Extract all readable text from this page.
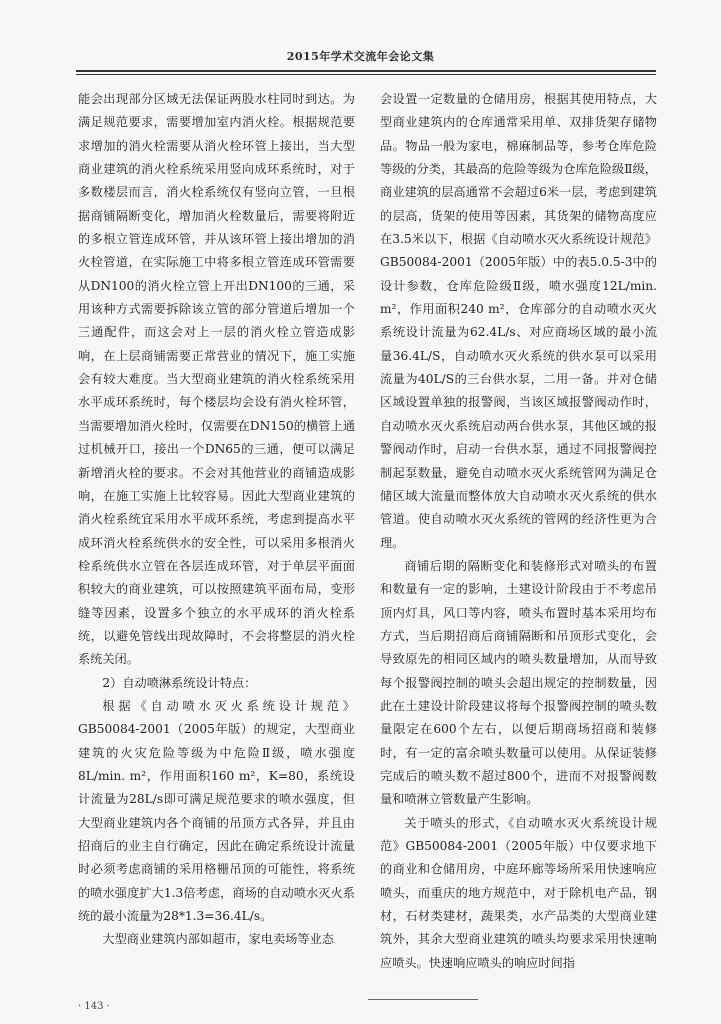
2015年学术交流年会论文集

能会出现部分区域无法保证两股水柱同时到达。为满足规范要求，需要增加室内消火栓。根据规范要求增加的消火栓需要从消火栓环管上接出，当大型商业建筑的消火栓系统采用竖向成环系统时，对于多数楼层而言，消火栓系统仅有竖向立管，一旦根据商铺隔断变化，增加消火栓数量后，需要将附近的多根立管连成环管，并从该环管上接出增加的消火栓管道，在实际施工中将多根立管连成环管需要从DN100的消火栓立管上开出DN100的三通，采用该种方式需要拆除该立管的部分管道后增加一个三通配件，而这会对上一层的消火栓立管造成影响，在上层商铺需要正常营业的情况下，施工实施会有较大难度。当大型商业建筑的消火栓系统采用水平成环系统时，每个楼层均会设有消火栓环管，当需要增加消火栓时，仅需要在DN150的横管上通过机械开口，接出一个DN65的三通，便可以满足新增消火栓的要求。不会对其他营业的商铺造成影响，在施工实施上比较容易。因此大型商业建筑的消火栓系统宜采用水平成环系统，考虑到提高水平成环消火栓系统供水的安全性，可以采用多根消火栓系统供水立管在各层连成环管，对于单层平面面积较大的商业建筑，可以按照建筑平面布局，变形缝等因素，设置多个独立的水平成环的消火栓系统，以避免管线出现故障时，不会将整层的消火栓系统关闭。

2）自动喷淋系统设计特点：

根据《自动喷水灭火系统设计规范》GB50084-2001（2005年版）的规定，大型商业建筑的火灾危险等级为中危险Ⅱ级，喷水强度8L/min. m²，作用面积160 m²，K=80，系统设计流量为28L/s即可满足规范要求的喷水强度，但大型商业建筑内各个商铺的吊顶方式各异，并且由招商后的业主自行确定，因此在确定系统设计流量时必须考虑商铺的采用格栅吊顶的可能性，将系统的喷水强度扩大1.3倍考虑，商场的自动喷水灭火系统的最小流量为28*1.3=36.4L/s。

大型商业建筑内部如超市，家电卖场等业态

会设置一定数量的仓储用房，根据其使用特点，大型商业建筑内的仓库通常采用单、双排货架存储物品。物品一般为家电，棉麻制品等，参考仓库危险等级的分类，其最高的危险等级为仓库危险级Ⅱ级，商业建筑的层高通常不会超过6米一层，考虑到建筑的层高，货架的使用等因素，其货架的储物高度应在3.5米以下，根据《自动喷水灭火系统设计规范》GB50084-2001（2005年版）中的表5.0.5-3中的设计参数，仓库危险级Ⅱ级，喷水强度12L/min. m²，作用面积240 m²，仓库部分的自动喷水灭火系统设计流量为62.4L/s、对应商场区域的最小流量36.4L/S，自动喷水灭火系统的供水泵可以采用流量为40L/S的三台供水泵，二用一备。并对仓储区域设置单独的报警阀，当该区域报警阀动作时，自动喷水灭火系统启动两台供水泵，其他区域的报警阀动作时，启动一台供水泵，通过不同报警阀控制起泵数量，避免自动喷水灭火系统管网为满足仓储区域大流量而整体放大自动喷水灭火系统的供水管道。使自动喷水灭火系统的管网的经济性更为合理。

商铺后期的隔断变化和装修形式对喷头的布置和数量有一定的影响，土建设计阶段由于不考虑吊顶内灯具，风口等内容，喷头布置时基本采用均布方式，当后期招商后商铺隔断和吊顶形式变化，会导致原先的相同区域内的喷头数量增加，从而导致每个报警阀控制的喷头会超出规定的控制数量，因此在土建设计阶段建议将每个报警阀控制的喷头数量限定在600个左右，以便后期商场招商和装修时，有一定的富余喷头数量可以使用。从保证装修完成后的喷头数不超过800个，进而不对报警阀数量和喷淋立管数量产生影响。

关于喷头的形式，《自动喷水灭火系统设计规范》GB50084-2001（2005年版）中仅要求地下的商业和仓储用房，中庭环廊等场所采用快速响应喷头，而重庆的地方规范中，对于除机电产品，钢材，石材类建材，蔬果类，水产品类的大型商业建筑外，其余大型商业建筑的喷头均要求采用快速响应喷头。快速响应喷头的响应时间指

· 143 ·
